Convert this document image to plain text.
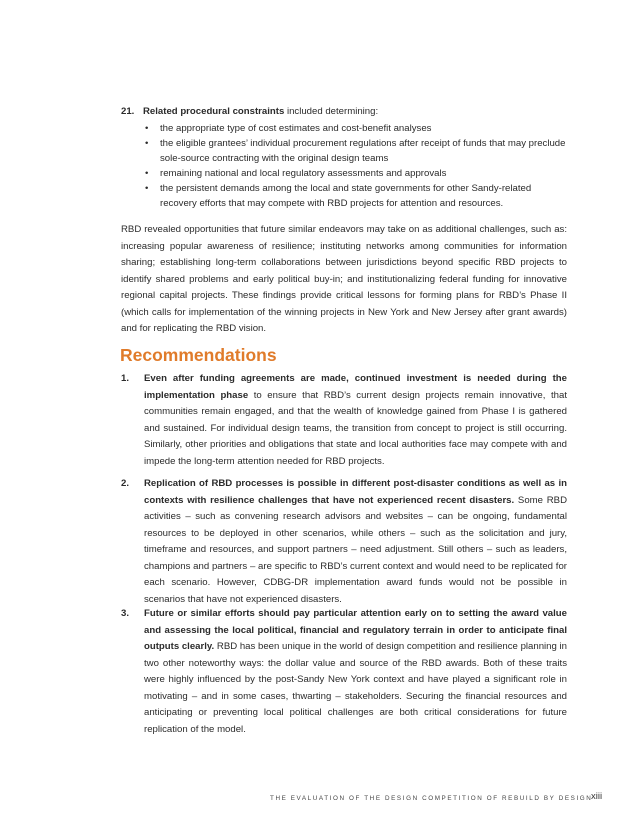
21. Related procedural constraints included determining:
• the appropriate type of cost estimates and cost-benefit analyses
• the eligible grantees’ individual procurement regulations after receipt of funds that may preclude sole-source contracting with the original design teams
• remaining national and local regulatory assessments and approvals
• the persistent demands among the local and state governments for other Sandy-related recovery efforts that may compete with RBD projects for attention and resources.

RBD revealed opportunities that future similar endeavors may take on as additional challenges, such as: increasing popular awareness of resilience; instituting networks among communities for information sharing; establishing long-term collaborations between jurisdictions beyond specific RBD projects to identify shared problems and early political buy-in; and institutionalizing federal funding for innovative regional capital projects. These findings provide critical lessons for forming plans for RBD’s Phase II (which calls for implementation of the winning projects in New York and New Jersey after grant awards) and for replicating the RBD vision.

Recommendations
1. Even after funding agreements are made, continued investment is needed during the implementation phase to ensure that RBD’s current design projects remain innovative, that communities remain engaged, and that the wealth of knowledge gained from Phase I is gathered and sustained. For individual design teams, the transition from concept to project is still occurring. Similarly, other priorities and obligations that state and local authorities face may compete with and impede the long-term attention needed for RBD projects.
2. Replication of RBD processes is possible in different post-disaster conditions as well as in contexts with resilience challenges that have not experienced recent disasters. Some RBD activities – such as convening research advisors and websites – can be ongoing, fundamental resources to be deployed in other scenarios, while others – such as the solicitation and jury, timeframe and resources, and support partners – need adjustment. Still others – such as leaders, champions and partners – are specific to RBD’s current context and would need to be replicated for each scenario. However, CDBG-DR implementation award funds would not be possible in scenarios that have not experienced disasters.
3. Future or similar efforts should pay particular attention early on to setting the award value and assessing the local political, financial and regulatory terrain in order to anticipate final outputs clearly. RBD has been unique in the world of design competition and resilience planning in two other noteworthy ways: the dollar value and source of the RBD awards. Both of these traits were highly influenced by the post-Sandy New York context and have played a significant role in motivating – and in some cases, thwarting – stakeholders. Securing the financial resources and anticipating or preventing local political challenges are both critical considerations for future replication of the model.
THE EVALUATION OF THE DESIGN COMPETITION OF REBUILD BY DESIGN
xiii
